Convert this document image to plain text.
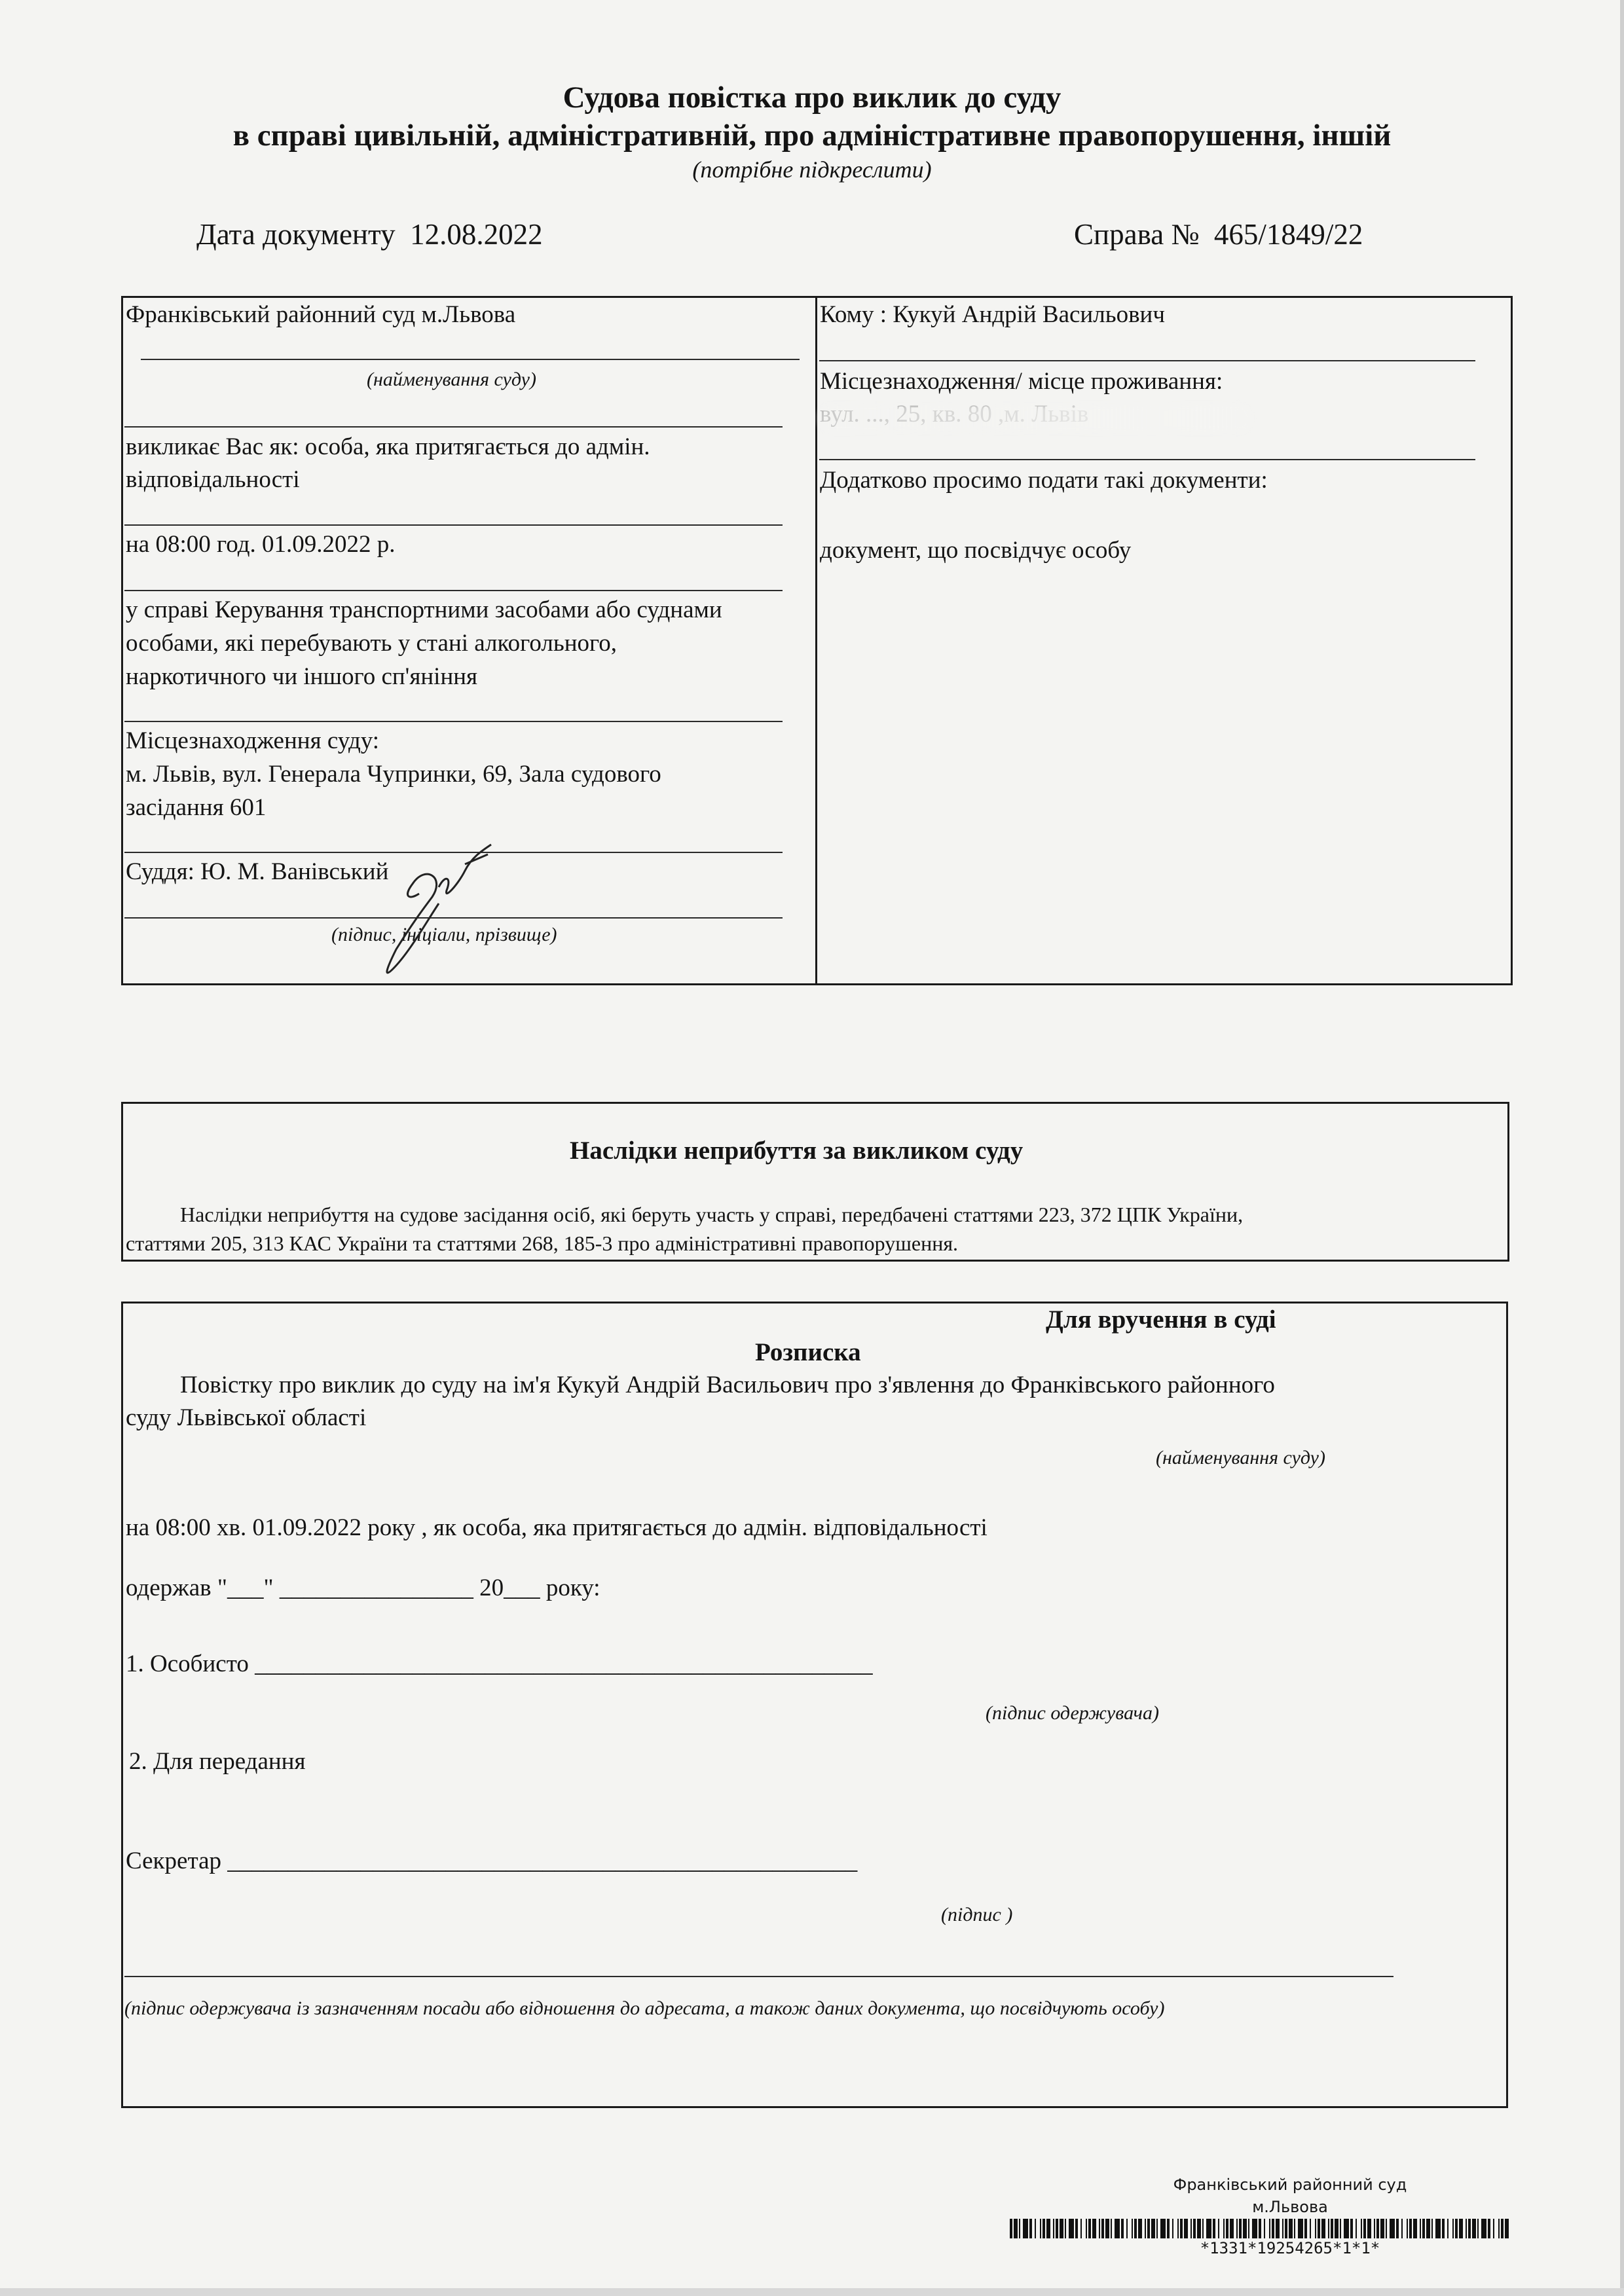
Судова повістка про виклик до суду
в справі цивільній, адміністративній, про адміністративне правопорушення, іншій
(потрібне підкреслити)
Дата документу 12.08.2022	Справа № 465/1849/22
Франківський районний суд м.Львова
(найменування суду)
викликає Вас як: особа, яка притягається до адмін.
відповідальності
на 08:00 год. 01.09.2022 р.
у справі Керування транспортними засобами або суднами
особами, які перебувають у стані алкогольного,
наркотичного чи іншого сп'яніння
Місцезнаходження суду:
м. Львів, вул. Генерала Чупринки, 69, Зала судового
засідання 601
Суддя: Ю. М. Ванівський
(підпис, ініціали, прізвище)
Кому : Кукуй Андрій Васильович
Місцезнаходження/ місце проживання:
Додатково просимо подати такі документи:
документ, що посвідчує особу
Наслідки неприбуття за викликом суду
Наслідки неприбуття на судове засідання осіб, які беруть участь у справі, передбачені статтями 223, 372 ЦПК України,
статтями 205, 313 КАС України та статтями 268, 185-3 про адміністративні правопорушення.
Для вручення в суді
Розписка
Повістку про виклик до суду на ім'я Кукуй Андрій Васильович про з'явлення до Франківського районного
суду Львівської області
(найменування суду)
на 08:00 хв. 01.09.2022 року , як особа, яка притягається до адмін. відповідальності
одержав "___" ________________ 20___ року:
1. Особисто ___________________________________________________
(підпис одержувача)
2. Для передання
Секретар ____________________________________________________
(підпис )
(підпис одержувача із зазначенням посади або відношення до адресата, а також даних документа, що посвідчують особу)
Франківський районний суд
м.Львова
*1331*19254265*1*1*
